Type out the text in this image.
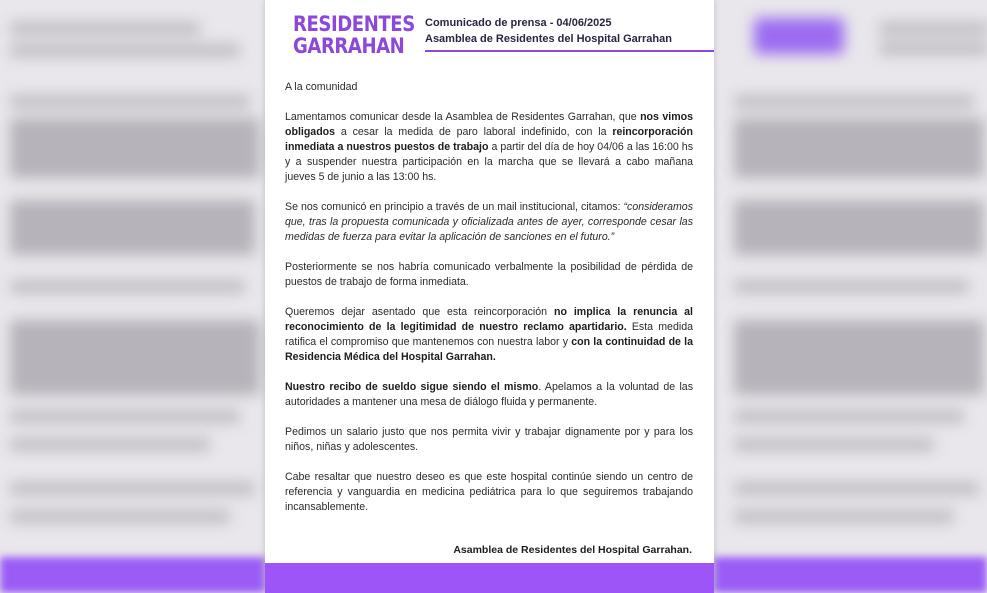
RESIDENTES
GARRAHAN
Comunicado de prensa - 04/06/2025
Asamblea de Residentes del Hospital Garrahan

A la comunidad

Lamentamos comunicar desde la Asamblea de Residentes Garrahan, que nos vimos obligados a cesar la medida de paro laboral indefinido, con la reincorporación inmediata a nuestros puestos de trabajo a partir del día de hoy 04/06 a las 16:00 hs y a suspender nuestra participación en la marcha que se llevará a cabo mañana jueves 5 de junio a las 13:00 hs.

Se nos comunicó en principio a través de un mail institucional, citamos: “consideramos que, tras la propuesta comunicada y oficializada antes de ayer, corresponde cesar las medidas de fuerza para evitar la aplicación de sanciones en el futuro.”

Posteriormente se nos habría comunicado verbalmente la posibilidad de pérdida de puestos de trabajo de forma inmediata.

Queremos dejar asentado que esta reincorporación no implica la renuncia al reconocimiento de la legitimidad de nuestro reclamo apartidario. Esta medida ratifica el compromiso que mantenemos con nuestra labor y con la continuidad de la Residencia Médica del Hospital Garrahan.

Nuestro recibo de sueldo sigue siendo el mismo. Apelamos a la voluntad de las autoridades a mantener una mesa de diálogo fluida y permanente.

Pedimos un salario justo que nos permita vivir y trabajar dignamente por y para los niños, niñas y adolescentes.

Cabe resaltar que nuestro deseo es que este hospital continúe siendo un centro de referencia y vanguardia en medicina pediátrica para lo que seguiremos trabajando incansablemente.

Asamblea de Residentes del Hospital Garrahan.
